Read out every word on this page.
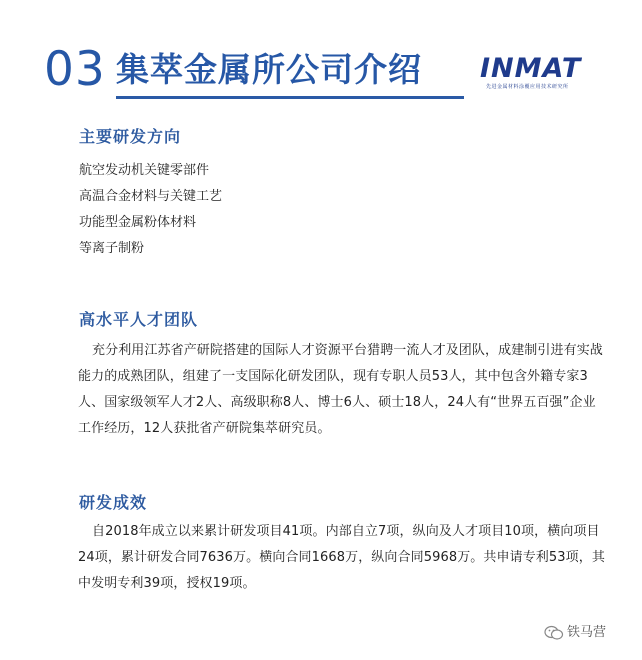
03 集萃金属所公司介绍 INMAT
先进金属材料涂覆应用技术研究所
主要研发方向
航空发动机关键零部件
高温合金材料与关键工艺
功能型金属粉体材料
等离子制粉
高水平人才团队
充分利用江苏省产研院搭建的国际人才资源平台猎聘一流人才及团队，成建制引进有实战能力的成熟团队，组建了一支国际化研发团队，现有专职人员53人，其中包含外籍专家3人、国家级领军人才2人、高级职称8人、博士6人、硕士18人，24人有“世界五百强”企业工作经历，12人获批省产研院集萃研究员。
研发成效
自2018年成立以来累计研发项目41项。内部自立7项，纵向及人才项目10项，横向项目24项，累计研发合同7636万。横向合同1668万，纵向合同5968万。共申请专利53项，其中发明专利39项，授权19项。
铁马营
